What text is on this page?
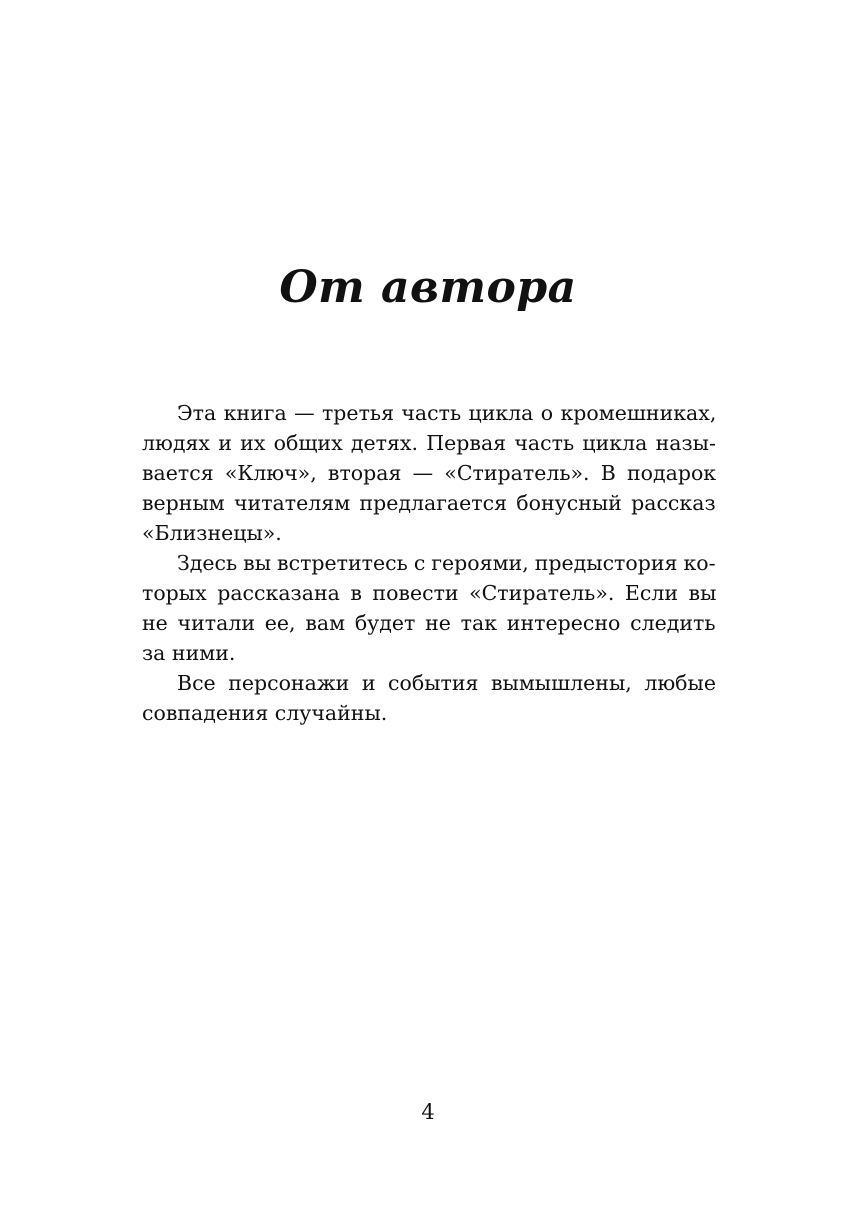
От автора
Эта книга — третья часть цикла о кромешниках,
людях и их общих детях. Первая часть цикла назы-
вается «Ключ», вторая — «Стиратель». В подарок
верным читателям предлагается бонусный рассказ
«Близнецы».
Здесь вы встретитесь с героями, предыстория ко-
торых рассказана в повести «Стиратель». Если вы
не читали ее, вам будет не так интересно следить
за ними.
Все персонажи и события вымышлены, любые
совпадения случайны.
4
